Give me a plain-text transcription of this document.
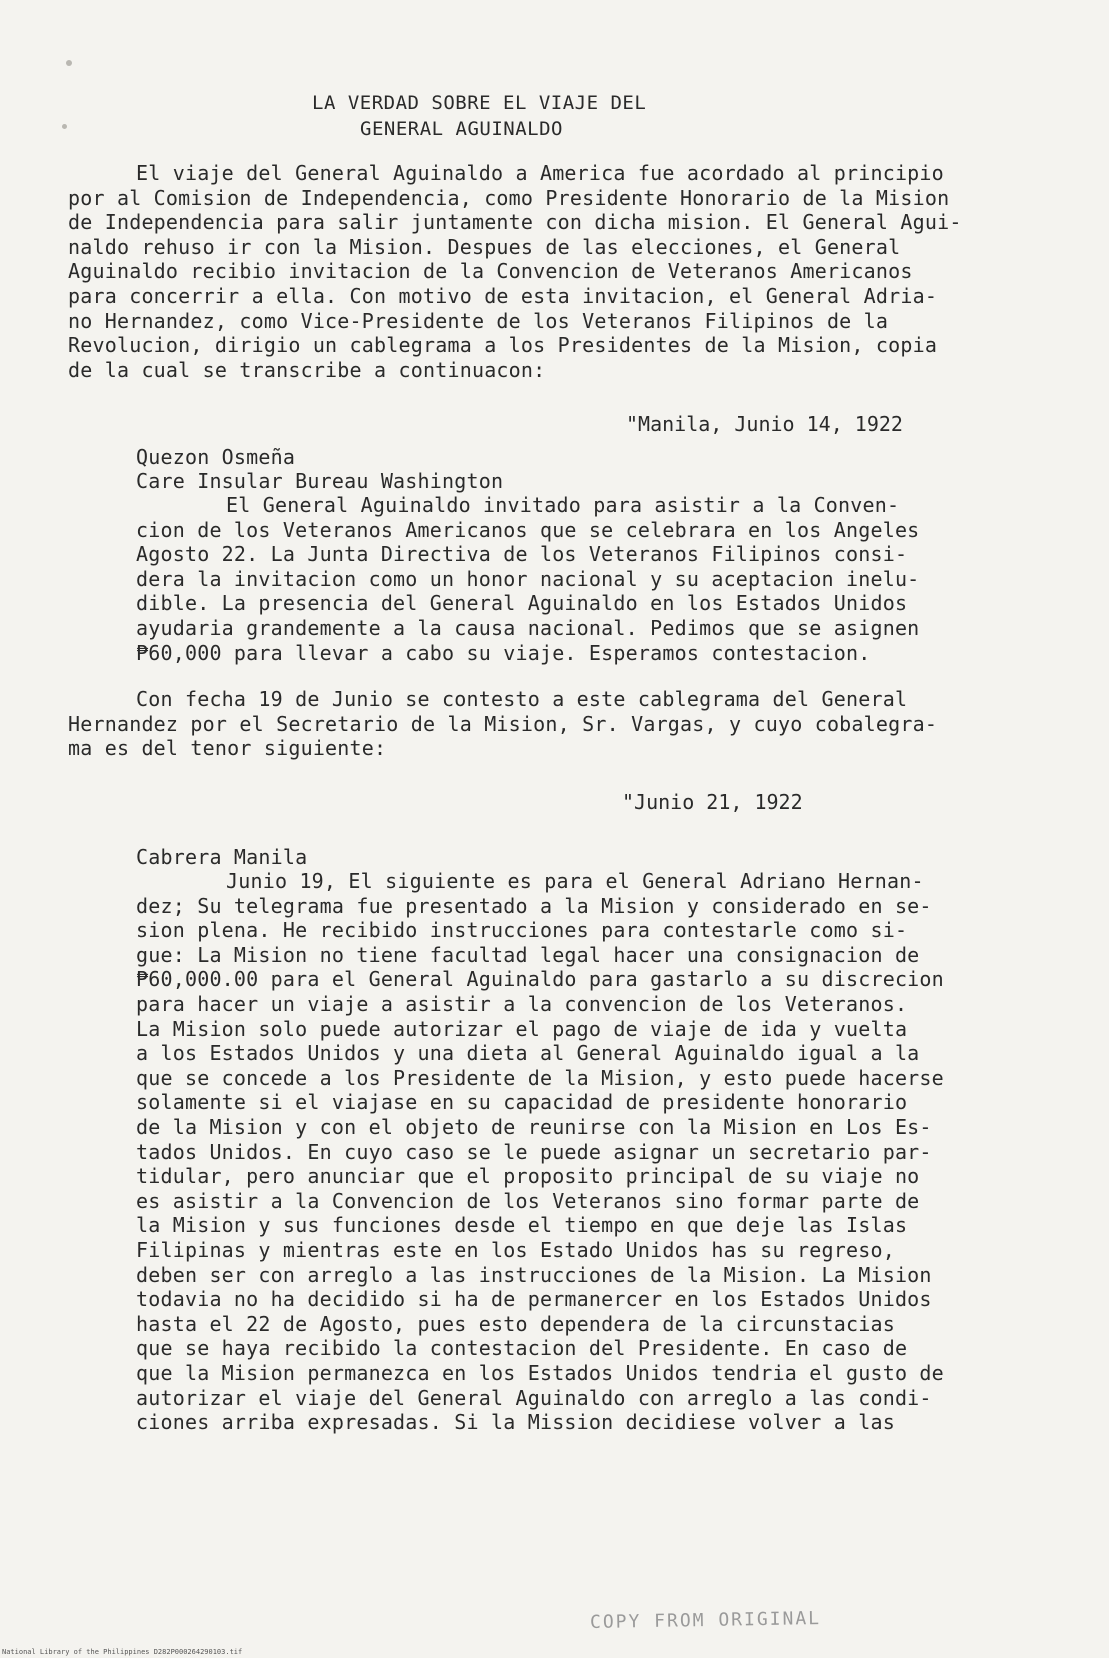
LA VERDAD SOBRE EL VIAJE DEL
GENERAL AGUINALDO
El viaje del General Aguinaldo a America fue acordado al principio
por al Comision de Independencia, como Presidente Honorario de la Mision
de Independencia para salir juntamente con dicha mision. El General Agui-
naldo rehuso ir con la Mision. Despues de las elecciones, el General
Aguinaldo recibio invitacion de la Convencion de Veteranos Americanos
para concerrir a ella. Con motivo de esta invitacion, el General Adria-
no Hernandez, como Vice-Presidente de los Veteranos Filipinos de la
Revolucion, dirigio un cablegrama a los Presidentes de la Mision, copia
de la cual se transcribe a continuacon:
"Manila, Junio 14, 1922
Quezon Osmeña
Care Insular Bureau Washington
El General Aguinaldo invitado para asistir a la Conven-
cion de los Veteranos Americanos que se celebrara en los Angeles
Agosto 22. La Junta Directiva de los Veteranos Filipinos consi-
dera la invitacion como un honor nacional y su aceptacion inelu-
dible. La presencia del General Aguinaldo en los Estados Unidos
ayudaria grandemente a la causa nacional. Pedimos que se asignen
₱60,000 para llevar a cabo su viaje. Esperamos contestacion.
Con fecha 19 de Junio se contesto a este cablegrama del General
Hernandez por el Secretario de la Mision, Sr. Vargas, y cuyo cobalegra-
ma es del tenor siguiente:
"Junio 21, 1922
Cabrera Manila
Junio 19, El siguiente es para el General Adriano Hernan-
dez; Su telegrama fue presentado a la Mision y considerado en se-
sion plena. He recibido instrucciones para contestarle como si-
gue: La Mision no tiene facultad legal hacer una consignacion de
₱60,000.00 para el General Aguinaldo para gastarlo a su discrecion
para hacer un viaje a asistir a la convencion de los Veteranos.
La Mision solo puede autorizar el pago de viaje de ida y vuelta
a los Estados Unidos y una dieta al General Aguinaldo igual a la
que se concede a los Presidente de la Mision, y esto puede hacerse
solamente si el viajase en su capacidad de presidente honorario
de la Mision y con el objeto de reunirse con la Mision en Los Es-
tados Unidos. En cuyo caso se le puede asignar un secretario par-
tidular, pero anunciar que el proposito principal de su viaje no
es asistir a la Convencion de los Veteranos sino formar parte de
la Mision y sus funciones desde el tiempo en que deje las Islas
Filipinas y mientras este en los Estado Unidos has su regreso,
deben ser con arreglo a las instrucciones de la Mision. La Mision
todavia no ha decidido si ha de permanercer en los Estados Unidos
hasta el 22 de Agosto, pues esto dependera de la circunstacias
que se haya recibido la contestacion del Presidente. En caso de
que la Mision permanezca en los Estados Unidos tendria el gusto de
autorizar el viaje del General Aguinaldo con arreglo a las condi-
ciones arriba expresadas. Si la Mission decidiese volver a las
COPY FROM ORIGINAL
National Library of the Philippines D282P000264290103.tif
